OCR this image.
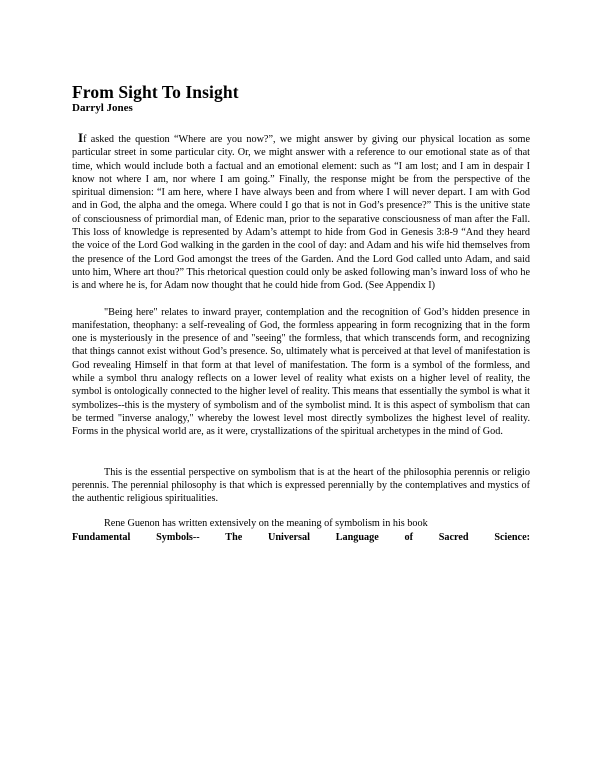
From Sight To Insight
Darryl Jones

If asked the question “Where are you now?”, we might answer by giving our physical location as some particular street in some particular city. Or, we might answer with a reference to our emotional state as of that time, which would include both a factual and an emotional element: such as “I am lost; and I am in despair I know not where I am, nor where I am going.” Finally, the response might be from the perspective of the spiritual dimension: “I am here, where I have always been and from where I will never depart. I am with God and in God, the alpha and the omega. Where could I go that is not in God’s presence?” This is the unitive state of consciousness of primordial man, of Edenic man, prior to the separative consciousness of man after the Fall. This loss of knowledge is represented by Adam’s attempt to hide from God in Genesis 3:8-9 “And they heard the voice of the Lord God walking in the garden in the cool of day: and Adam and his wife hid themselves from the presence of the Lord God amongst the trees of the Garden. And the Lord God called unto Adam, and said unto him, Where art thou?” This rhetorical question could only be asked following man’s inward loss of who he is and where he is, for Adam now thought that he could hide from God. (See Appendix I)

"Being here" relates to inward prayer, contemplation and the recognition of God’s hidden presence in manifestation, theophany: a self-revealing of God, the formless appearing in form recognizing that in the form one is mysteriously in the presence of and "seeing" the formless, that which transcends form, and recognizing that things cannot exist without God’s presence. So, ultimately what is perceived at that level of manifestation is God revealing Himself in that form at that level of manifestation. The form is a symbol of the formless, and while a symbol thru analogy reflects on a lower level of reality what exists on a higher level of reality, the symbol is ontologically connected to the higher level of reality. This means that essentially the symbol is what it symbolizes--this is the mystery of symbolism and of the symbolist mind. It is this aspect of symbolism that can be termed "inverse analogy," whereby the lowest level most directly symbolizes the highest level of reality. Forms in the physical world are, as it were, crystallizations of the spiritual archetypes in the mind of God.

This is the essential perspective on symbolism that is at the heart of the philosophia perennis or religio perennis. The perennial philosophy is that which is expressed perennially by the contemplatives and mystics of the authentic religious spiritualities.

Rene Guenon has written extensively on the meaning of symbolism in his book

Fundamental Symbols-- The Universal Language of Sacred Science:
